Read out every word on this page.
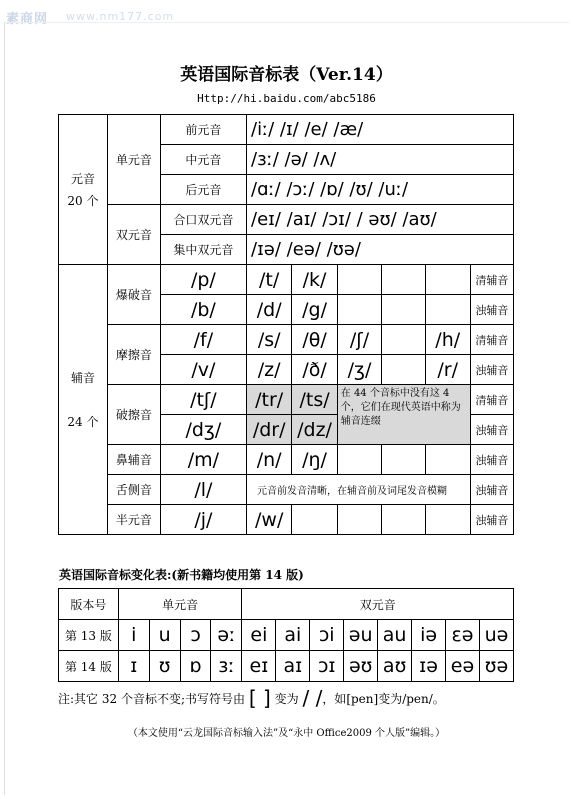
素商网 www.nm177.com
英语国际音标表（Ver.14）
Http://hi.baidu.com/abc5186
元音
20 个	单元音	前元音	/iː/ /ɪ/ /e/ /æ/					
		中元音	/ɜː/ /ə/ /ʌ/					
		后元音	/ɑː/ /ɔː/ /ɒ/ /ʊ/ /uː/					
	双元音	合口双元音	/eɪ/ /aɪ/ /ɔɪ/ / əʊ/ /aʊ/					
		集中双元音	/ɪə/ /eə/ /ʊə/					
辅音

24 个	爆破音	/p/	/t/	/k/				清辅音
		/b/	/d/	/g/				浊辅音
	摩擦音	/f/	/s/	/θ/	/ʃ/		/h/	清辅音
		/v/	/z/	/ð/	/ʒ/		/r/	浊辅音
	破擦音	/tʃ/	/tr/	/ts/	在 44 个音标中没有这 4 个，它们在现代英语中称为辅音连缀			清辅音
		/dʒ/	/dr/	/dz/				浊辅音
	鼻辅音	/m/	/n/	/ŋ/				浊辅音
	舌侧音	/l/	元音前发音清晰，在辅音前及词尾发音模糊					浊辅音
	半元音	/j/	/w/					浊辅音
英语国际音标变化表:(新书籍均使用第 14 版)
版本号	单元音				双元音							
第 13 版	i	u	ɔ	əː	ei	ai	ɔi	əu	au	iə	εə	uə
第 14 版	ɪ	ʊ	ɒ	ɜː	eɪ	aɪ	ɔɪ	əʊ	aʊ	ɪə	eə	ʊə
注:其它 32 个音标不变;书写符号由 [ ] 变为 / /，如[pen]变为/pen/。
（本文使用“云龙国际音标输入法”及“永中 Office2009 个人版”编辑。）
